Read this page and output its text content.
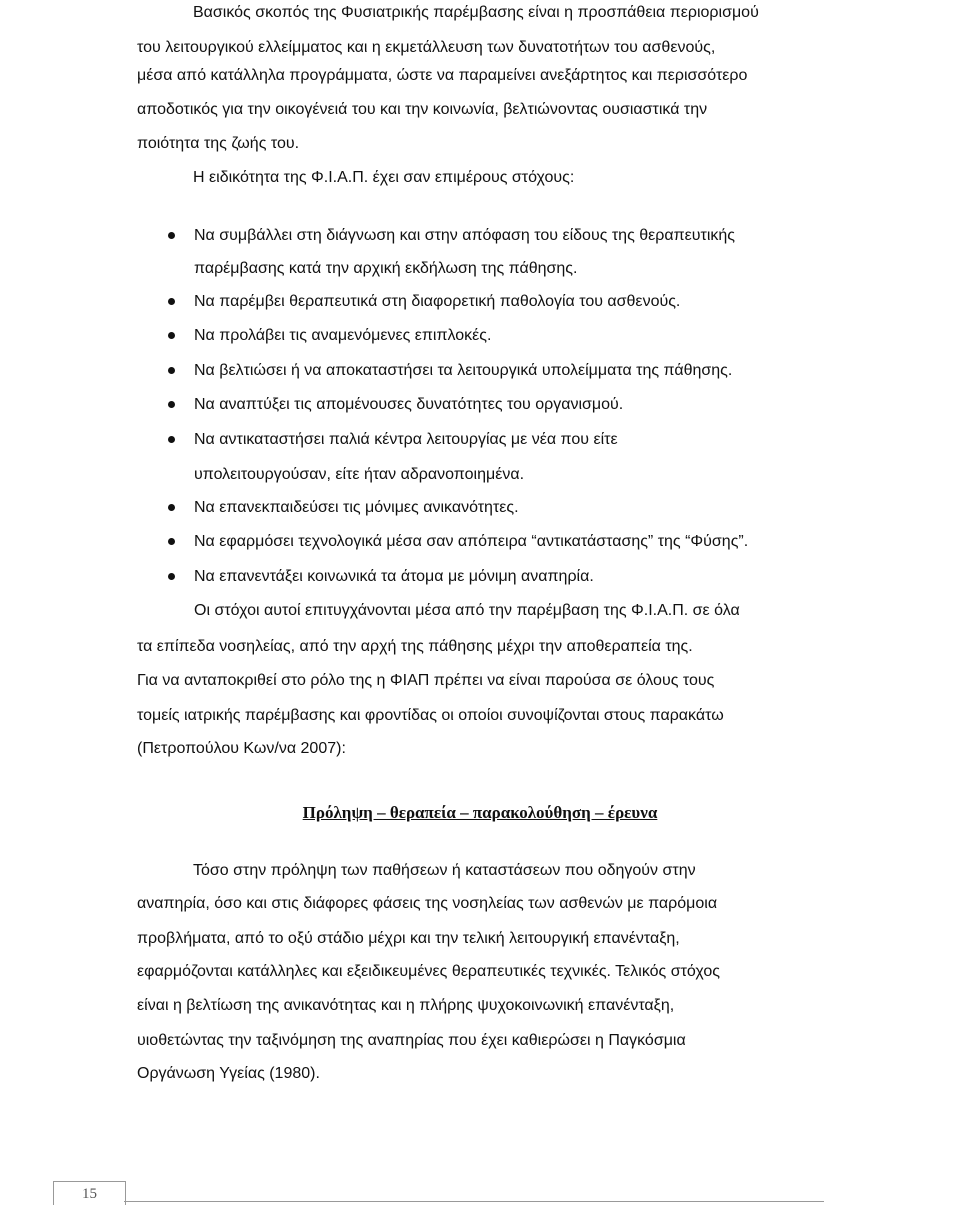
Βασικός σκοπός της Φυσιατρικής παρέμβασης είναι η προσπάθεια περιορισμού
του λειτουργικού ελλείμματος και η εκμετάλλευση των δυνατοτήτων του ασθενούς,
μέσα από κατάλληλα προγράμματα, ώστε να παραμείνει ανεξάρτητος και περισσότερο
αποδοτικός για την οικογένειά του και την κοινωνία, βελτιώνοντας ουσιαστικά την
ποιότητα της ζωής του.
Η ειδικότητα της Φ.Ι.Α.Π. έχει σαν επιμέρους στόχους:
Να συμβάλλει στη διάγνωση και στην απόφαση του είδους της θεραπευτικής
παρέμβασης κατά την αρχική εκδήλωση της πάθησης.
Να παρέμβει θεραπευτικά στη διαφορετική παθολογία του ασθενούς.
Να προλάβει τις αναμενόμενες επιπλοκές.
Να βελτιώσει ή να αποκαταστήσει τα λειτουργικά υπολείμματα της πάθησης.
Να αναπτύξει τις απομένουσες δυνατότητες του οργανισμού.
Να αντικαταστήσει παλιά κέντρα λειτουργίας με νέα που είτε
υπολειτουργούσαν, είτε ήταν αδρανοποιημένα.
Να επανεκπαιδεύσει τις μόνιμες ανικανότητες.
Να εφαρμόσει τεχνολογικά μέσα σαν απόπειρα “αντικατάστασης” της “Φύσης”.
Να επανεντάξει κοινωνικά τα άτομα με μόνιμη αναπηρία.
Οι στόχοι αυτοί επιτυγχάνονται μέσα από την παρέμβαση της Φ.Ι.Α.Π. σε όλα
τα επίπεδα νοσηλείας, από την αρχή της πάθησης μέχρι την αποθεραπεία της.
Για να ανταποκριθεί στο ρόλο της η ΦΙΑΠ πρέπει να είναι παρούσα σε όλους τους
τομείς ιατρικής παρέμβασης και φροντίδας οι οποίοι συνοψίζονται στους παρακάτω
(Πετροπούλου Κων/να 2007):
Πρόληψη – θεραπεία – παρακολούθηση – έρευνα
Τόσο στην πρόληψη των παθήσεων ή καταστάσεων που οδηγούν στην
αναπηρία, όσο και στις διάφορες φάσεις της νοσηλείας των ασθενών με παρόμοια
προβλήματα, από το οξύ στάδιο μέχρι και την τελική λειτουργική επανένταξη,
εφαρμόζονται κατάλληλες και εξειδικευμένες θεραπευτικές τεχνικές. Τελικός στόχος
είναι η βελτίωση της ανικανότητας και η πλήρης ψυχοκοινωνική επανένταξη,
υιοθετώντας την ταξινόμηση της αναπηρίας που έχει καθιερώσει η Παγκόσμια
Οργάνωση Υγείας (1980).
15
